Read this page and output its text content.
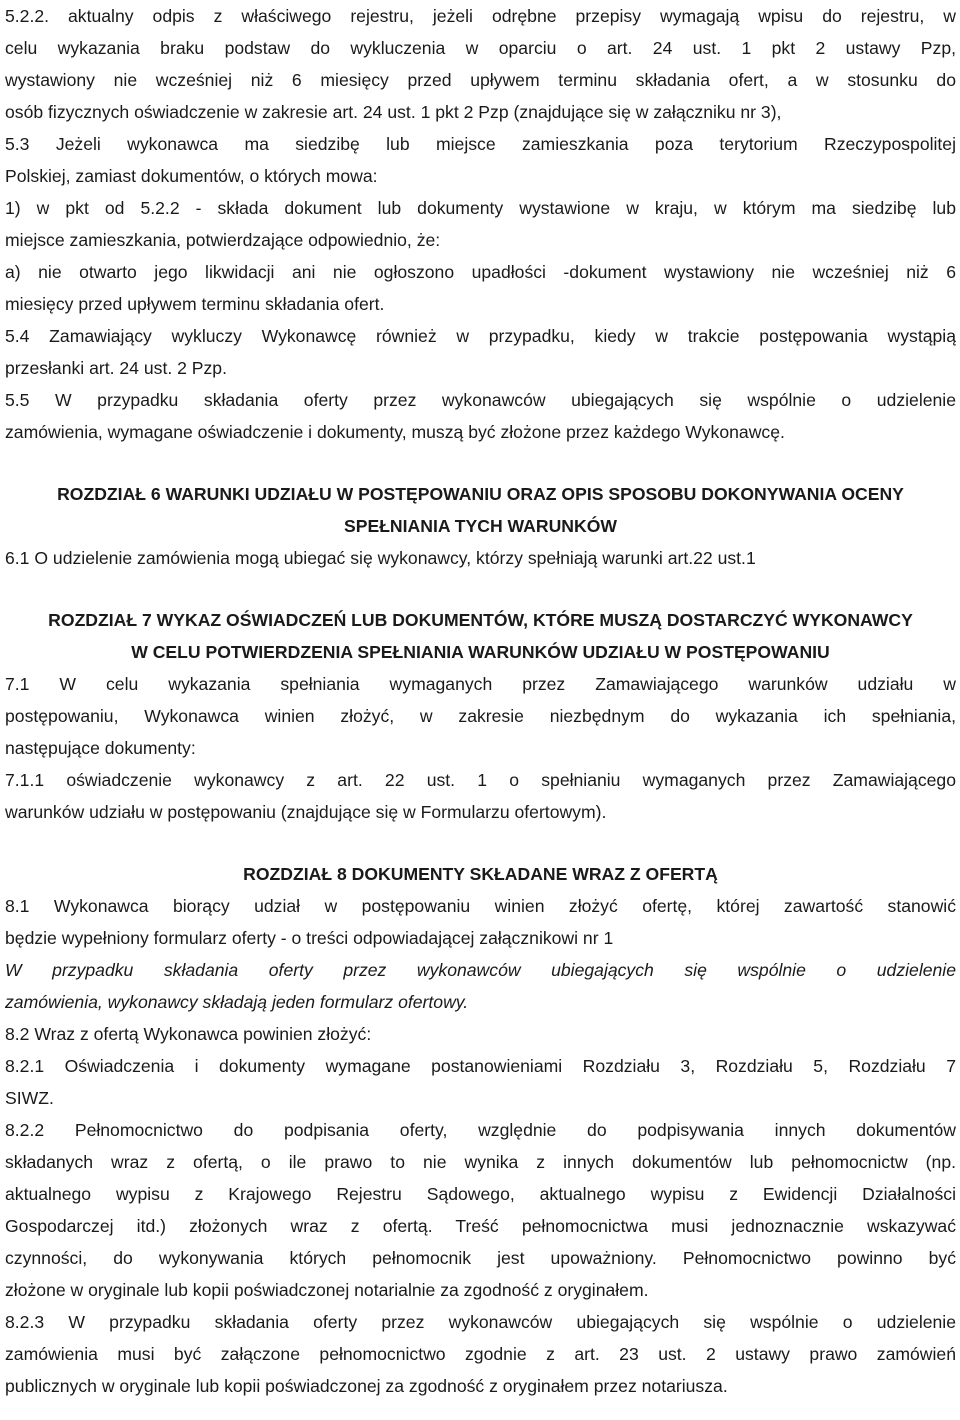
5.2.2. aktualny odpis z właściwego rejestru, jeżeli odrębne przepisy wymagają wpisu do rejestru, w
celu wykazania braku podstaw do wykluczenia w oparciu o art. 24 ust. 1 pkt 2 ustawy Pzp,
wystawiony nie wcześniej niż 6 miesięcy przed upływem terminu składania ofert, a w stosunku do
osób fizycznych oświadczenie w zakresie art. 24 ust. 1 pkt 2 Pzp (znajdujące się w załączniku nr 3),
5.3 Jeżeli wykonawca ma siedzibę lub miejsce zamieszkania poza terytorium Rzeczypospolitej
Polskiej, zamiast dokumentów, o których mowa:
1) w pkt od 5.2.2 - składa dokument lub dokumenty wystawione w kraju, w którym ma siedzibę lub
miejsce zamieszkania, potwierdzające odpowiednio, że:
a) nie otwarto jego likwidacji ani nie ogłoszono upadłości -dokument wystawiony nie wcześniej niż 6
miesięcy przed upływem terminu składania ofert.
5.4 Zamawiający wykluczy Wykonawcę również w przypadku, kiedy w trakcie postępowania wystąpią
przesłanki art. 24 ust. 2 Pzp.
5.5 W przypadku składania oferty przez wykonawców ubiegających się wspólnie o udzielenie
zamówienia, wymagane oświadczenie i dokumenty, muszą być złożone przez każdego Wykonawcę.
ROZDZIAŁ 6 WARUNKI UDZIAŁU W POSTĘPOWANIU ORAZ OPIS SPOSOBU DOKONYWANIA OCENY
SPEŁNIANIA TYCH WARUNKÓW
6.1 O udzielenie zamówienia mogą ubiegać się wykonawcy, którzy spełniają warunki art.22 ust.1
ROZDZIAŁ 7 WYKAZ OŚWIADCZEŃ LUB DOKUMENTÓW, KTÓRE MUSZĄ DOSTARCZYĆ WYKONAWCY
W CELU POTWIERDZENIA SPEŁNIANIA WARUNKÓW UDZIAŁU W POSTĘPOWANIU
7.1 W celu wykazania spełniania wymaganych przez Zamawiającego warunków udziału w
postępowaniu, Wykonawca winien złożyć, w zakresie niezbędnym do wykazania ich spełniania,
następujące dokumenty:
7.1.1 oświadczenie wykonawcy z art. 22 ust. 1 o spełnianiu wymaganych przez Zamawiającego
warunków udziału w postępowaniu (znajdujące się w Formularzu ofertowym).
ROZDZIAŁ 8 DOKUMENTY SKŁADANE WRAZ Z OFERTĄ
8.1 Wykonawca biorący udział w postępowaniu winien złożyć ofertę, której zawartość stanowić
będzie wypełniony formularz oferty - o treści odpowiadającej załącznikowi nr 1
W przypadku składania oferty przez wykonawców ubiegających się wspólnie o udzielenie
zamówienia, wykonawcy składają jeden formularz ofertowy.
8.2 Wraz z ofertą Wykonawca powinien złożyć:
8.2.1 Oświadczenia i dokumenty wymagane postanowieniami Rozdziału 3, Rozdziału 5, Rozdziału 7
SIWZ.
8.2.2 Pełnomocnictwo do podpisania oferty, względnie do podpisywania innych dokumentów
składanych wraz z ofertą, o ile prawo to nie wynika z innych dokumentów lub pełnomocnictw (np.
aktualnego wypisu z Krajowego Rejestru Sądowego, aktualnego wypisu z Ewidencji Działalności
Gospodarczej itd.) złożonych wraz z ofertą. Treść pełnomocnictwa musi jednoznacznie wskazywać
czynności, do wykonywania których pełnomocnik jest upoważniony. Pełnomocnictwo powinno być
złożone w oryginale lub kopii poświadczonej notarialnie za zgodność z oryginałem.
8.2.3 W przypadku składania oferty przez wykonawców ubiegających się wspólnie o udzielenie
zamówienia musi być załączone pełnomocnictwo zgodnie z art. 23 ust. 2 ustawy prawo zamówień
publicznych w oryginale lub kopii poświadczonej za zgodność z oryginałem przez notariusza.
